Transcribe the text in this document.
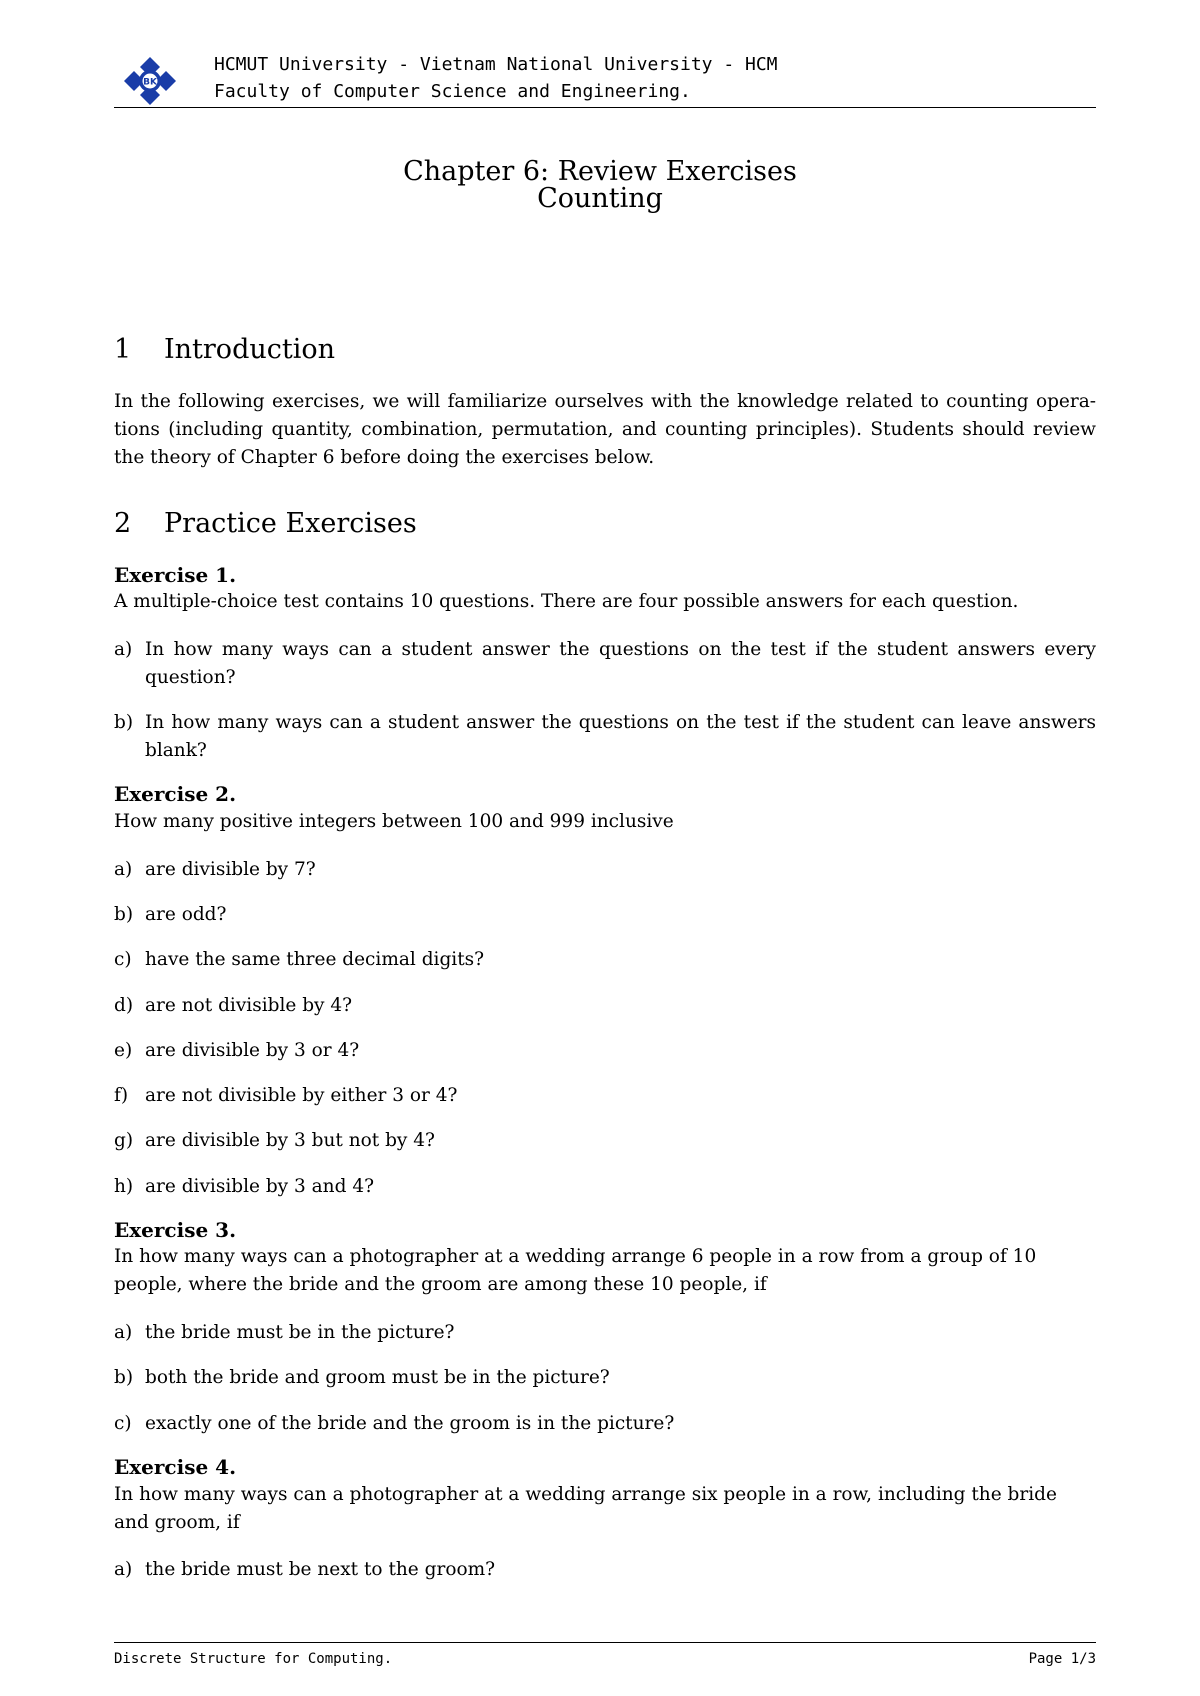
BK
HCMUT University - Vietnam National University - HCM
Faculty of Computer Science and Engineering.
Chapter 6: Review Exercises
Counting
1 Introduction
In the following exercises, we will familiarize ourselves with the knowledge related to counting opera- tions (including quantity, combination, permutation, and counting principles). Students should review the theory of Chapter 6 before doing the exercises below.
2 Practice Exercises
Exercise 1.
A multiple-choice test contains 10 questions. There are four possible answers for each question.
a) In how many ways can a student answer the questions on the test if the student answers every question?
b) In how many ways can a student answer the questions on the test if the student can leave answers blank?
Exercise 2.
How many positive integers between 100 and 999 inclusive
a) are divisible by 7?
b) are odd?
c) have the same three decimal digits?
d) are not divisible by 4?
e) are divisible by 3 or 4?
f) are not divisible by either 3 or 4?
g) are divisible by 3 but not by 4?
h) are divisible by 3 and 4?
Exercise 3.
In how many ways can a photographer at a wedding arrange 6 people in a row from a group of 10
people, where the bride and the groom are among these 10 people, if
a) the bride must be in the picture?
b) both the bride and groom must be in the picture?
c) exactly one of the bride and the groom is in the picture?
Exercise 4.
In how many ways can a photographer at a wedding arrange six people in a row, including the bride
and groom, if
a) the bride must be next to the groom?
Discrete Structure for Computing.	Page 1/3
